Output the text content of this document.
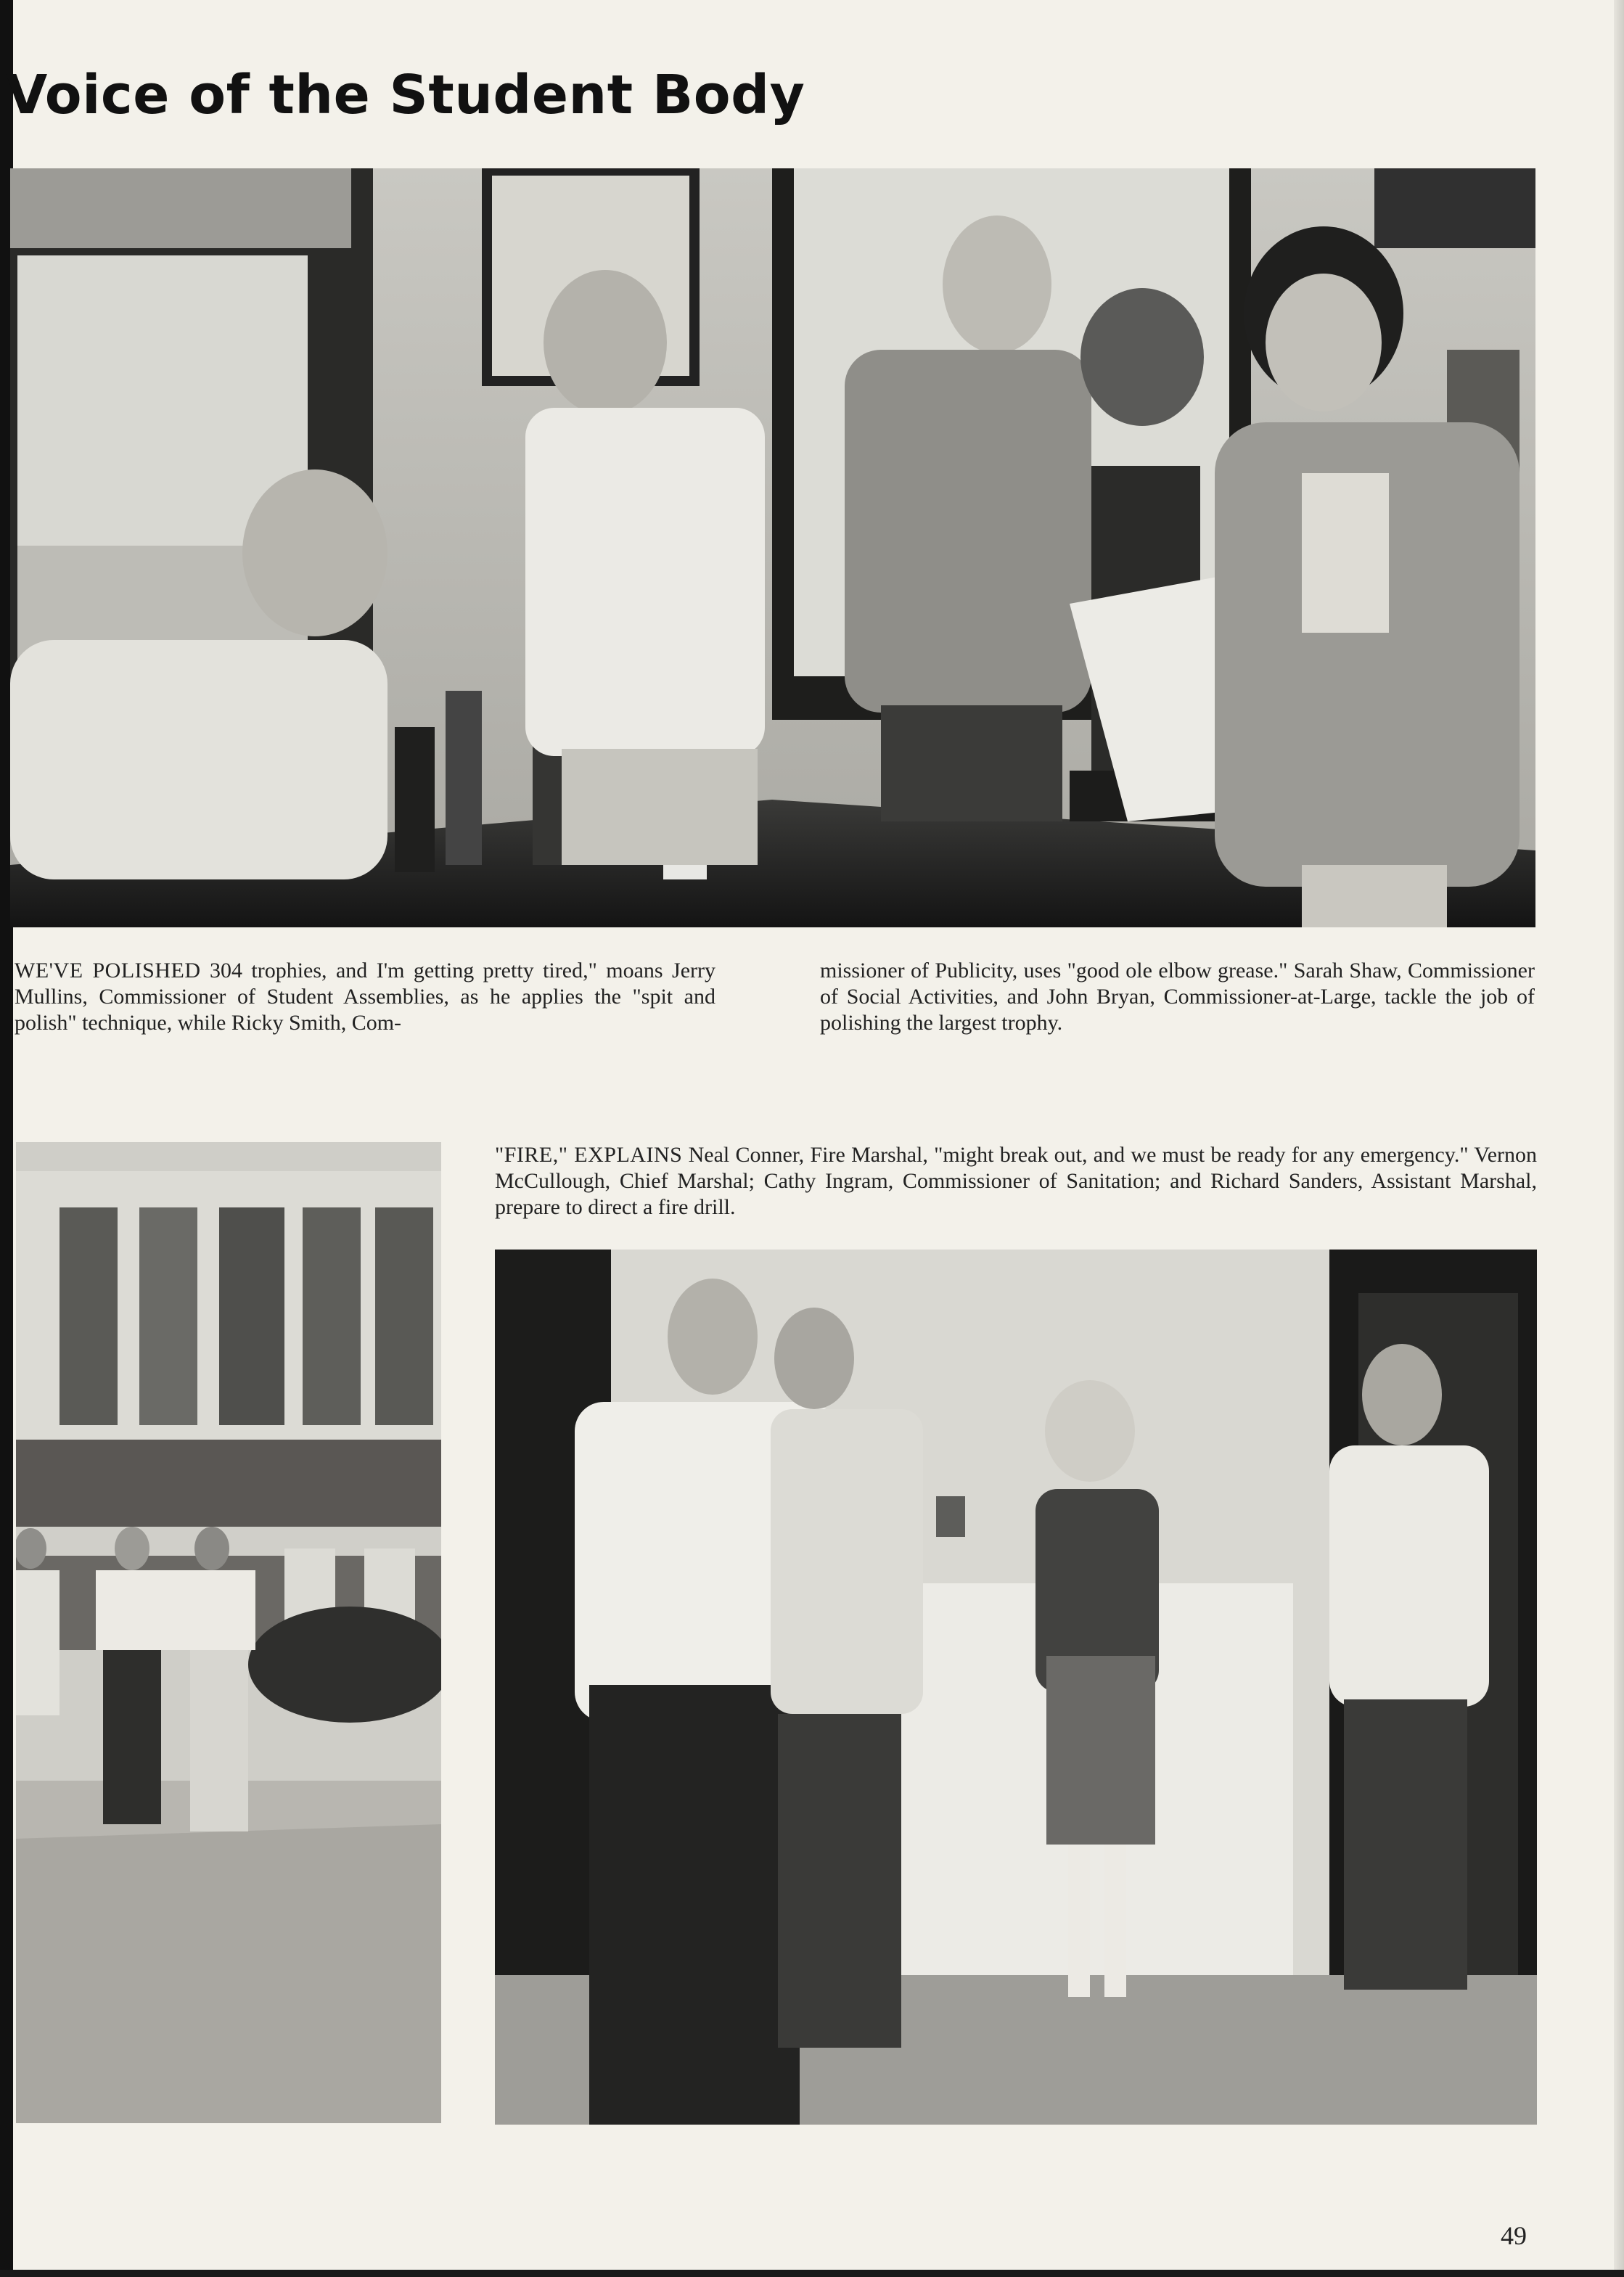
Voice of the Student Body

WE'VE POLISHED 304 trophies, and I'm getting pretty tired," moans Jerry Mullins, Commissioner of Student Assemblies, as he applies the "spit and polish" technique, while Ricky Smith, Com-

missioner of Publicity, uses "good ole elbow grease." Sarah Shaw, Commissioner of Social Activities, and John Bryan, Commissioner-at-Large, tackle the job of polishing the largest trophy.

"FIRE," EXPLAINS Neal Conner, Fire Marshal, "might break out, and we must be ready for any emergency." Vernon McCullough, Chief Marshal; Cathy Ingram, Commissioner of Sanitation; and Richard Sanders, Assistant Marshal, prepare to direct a fire drill.

49
